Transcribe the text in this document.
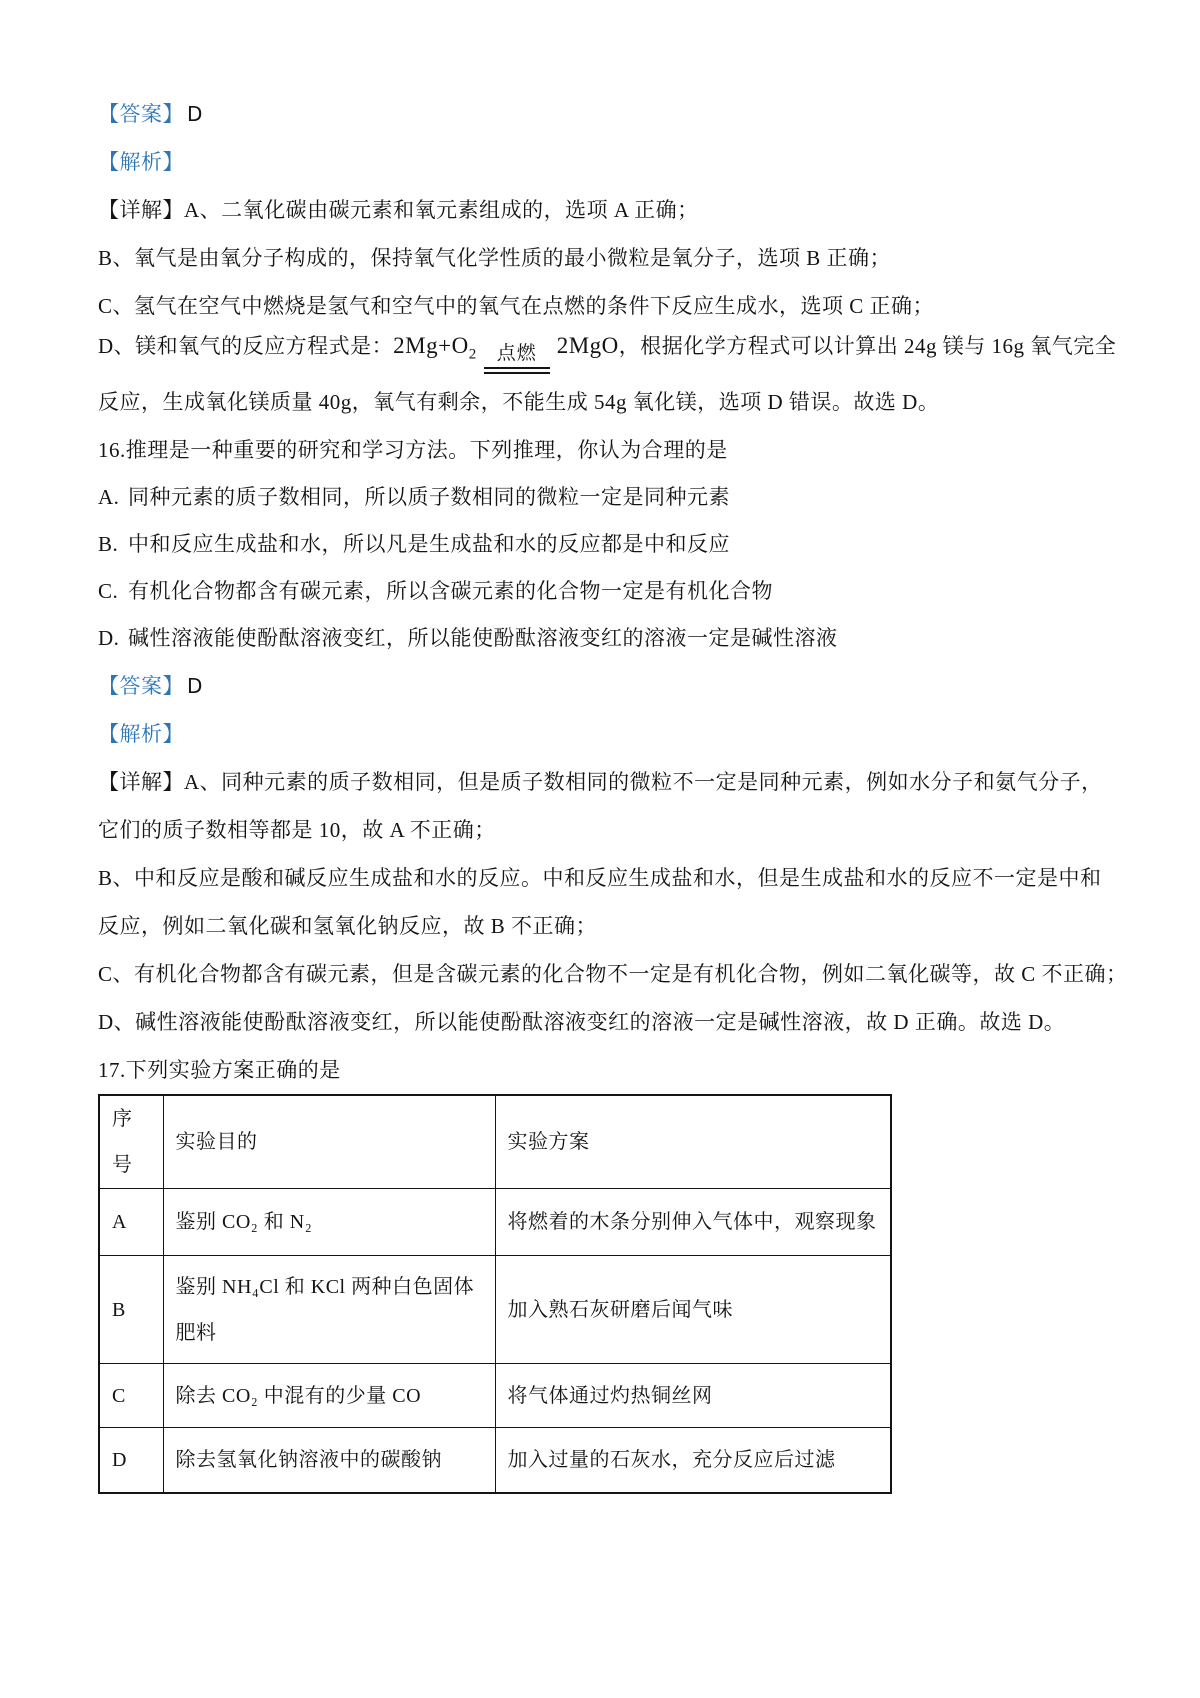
【答案】 D

【解析】

【详解】A、二氧化碳由碳元素和氧元素组成的，选项 A 正确；

B、氧气是由氧分子构成的，保持氧气化学性质的最小微粒是氧分子，选项 B 正确；

C、氢气在空气中燃烧是氢气和空气中的氧气在点燃的条件下反应生成水，选项 C 正确；

D、镁和氧气的反应方程式是：$2Mg+O_2$ 点燃 2MgO，根据化学方程式可以计算出 24g 镁与 16g 氧气完全

反应，生成氧化镁质量 40g，氧气有剩余，不能生成 54g 氧化镁，选项 D 错误。故选 D。

16.推理是一种重要的研究和学习方法。下列推理，你认为合理的是

A. 同种元素的质子数相同，所以质子数相同的微粒一定是同种元素

B. 中和反应生成盐和水，所以凡是生成盐和水的反应都是中和反应

C. 有机化合物都含有碳元素，所以含碳元素的化合物一定是有机化合物

D. 碱性溶液能使酚酞溶液变红，所以能使酚酞溶液变红的溶液一定是碱性溶液

【答案】 D

【解析】

【详解】A、同种元素的质子数相同，但是质子数相同的微粒不一定是同种元素，例如水分子和氨气分子，

它们的质子数相等都是 10，故 A 不正确；

B、中和反应是酸和碱反应生成盐和水的反应。中和反应生成盐和水，但是生成盐和水的反应不一定是中和

反应，例如二氧化碳和氢氧化钠反应，故 B 不正确；

C、有机化合物都含有碳元素，但是含碳元素的化合物不一定是有机化合物，例如二氧化碳等，故 C 不正确；

D、碱性溶液能使酚酞溶液变红，所以能使酚酞溶液变红的溶液一定是碱性溶液，故 D 正确。故选 D。

17.下列实验方案正确的是

序号	实验目的	实验方案
A	鉴别 CO₂ 和 N₂	将燃着的木条分别伸入气体中，观察现象
B	鉴别 NH₄Cl 和 KCl 两种白色固体肥料	加入熟石灰研磨后闻气味
C	除去 CO₂ 中混有的少量 CO	将气体通过灼热铜丝网
D	除去氢氧化钠溶液中的碳酸钠	加入过量的石灰水，充分反应后过滤
